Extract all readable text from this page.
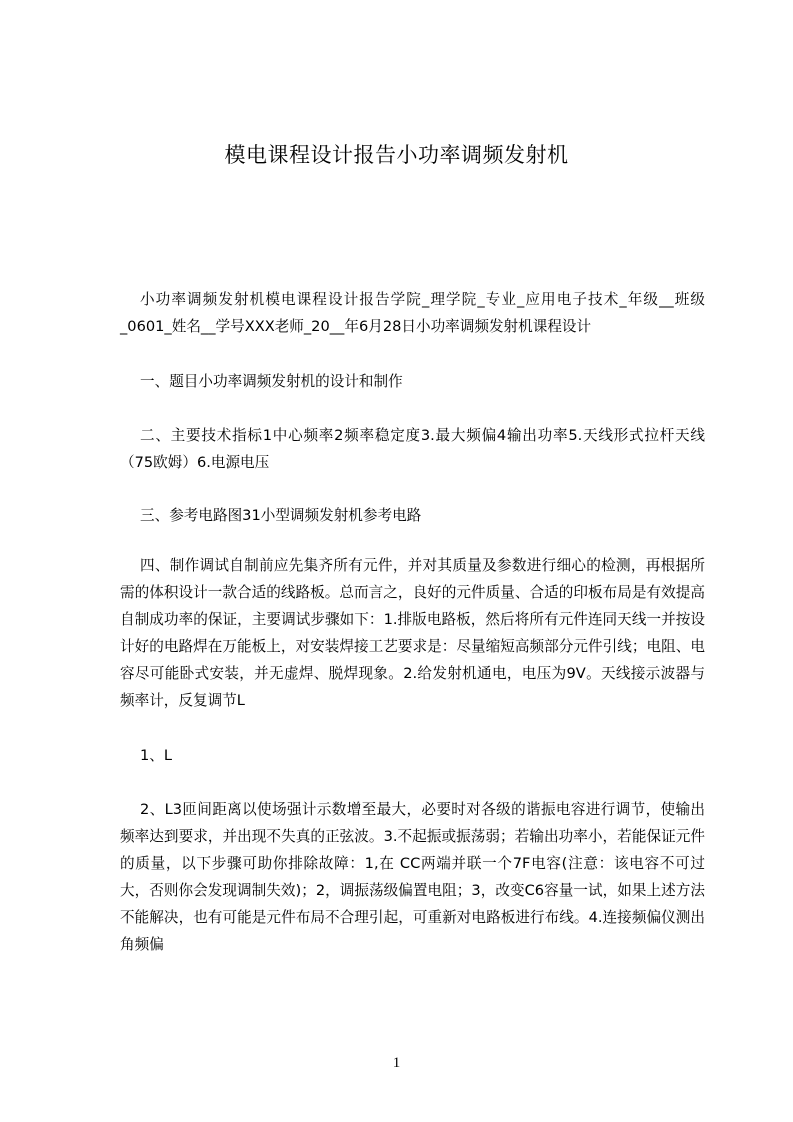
模电课程设计报告小功率调频发射机

小功率调频发射机模电课程设计报告学院_理学院_专业_应用电子技术_年级__班级_0601_姓名__学号XXX老师_20__年6月28日小功率调频发射机课程设计

一、题目小功率调频发射机的设计和制作

二、主要技术指标1中心频率2频率稳定度3.最大频偏4输出功率5.天线形式拉杆天线（75欧姆）6.电源电压

三、参考电路图31小型调频发射机参考电路

四、制作调试自制前应先集齐所有元件，并对其质量及参数进行细心的检测，再根据所需的体积设计一款合适的线路板。总而言之，良好的元件质量、合适的印板布局是有效提高自制成功率的保证，主要调试步骤如下：1.排版电路板，然后将所有元件连同天线一并按设计好的电路焊在万能板上，对安装焊接工艺要求是：尽量缩短高频部分元件引线；电阻、电容尽可能卧式安装，并无虚焊、脱焊现象。2.给发射机通电，电压为9V。天线接示波器与频率计，反复调节L

1、L

2、L3匝间距离以使场强计示数增至最大，必要时对各级的谐振电容进行调节，使输出频率达到要求，并出现不失真的正弦波。3.不起振或振荡弱；若输出功率小，若能保证元件的质量，以下步骤可助你排除故障：1,在 CC两端并联一个7F电容(注意：该电容不可过大，否则你会发现调制失效)；2，调振荡级偏置电阻；3，改变C6容量一试，如果上述方法不能解决，也有可能是元件布局不合理引起，可重新对电路板进行布线。4.连接频偏仪测出角频偏

1
